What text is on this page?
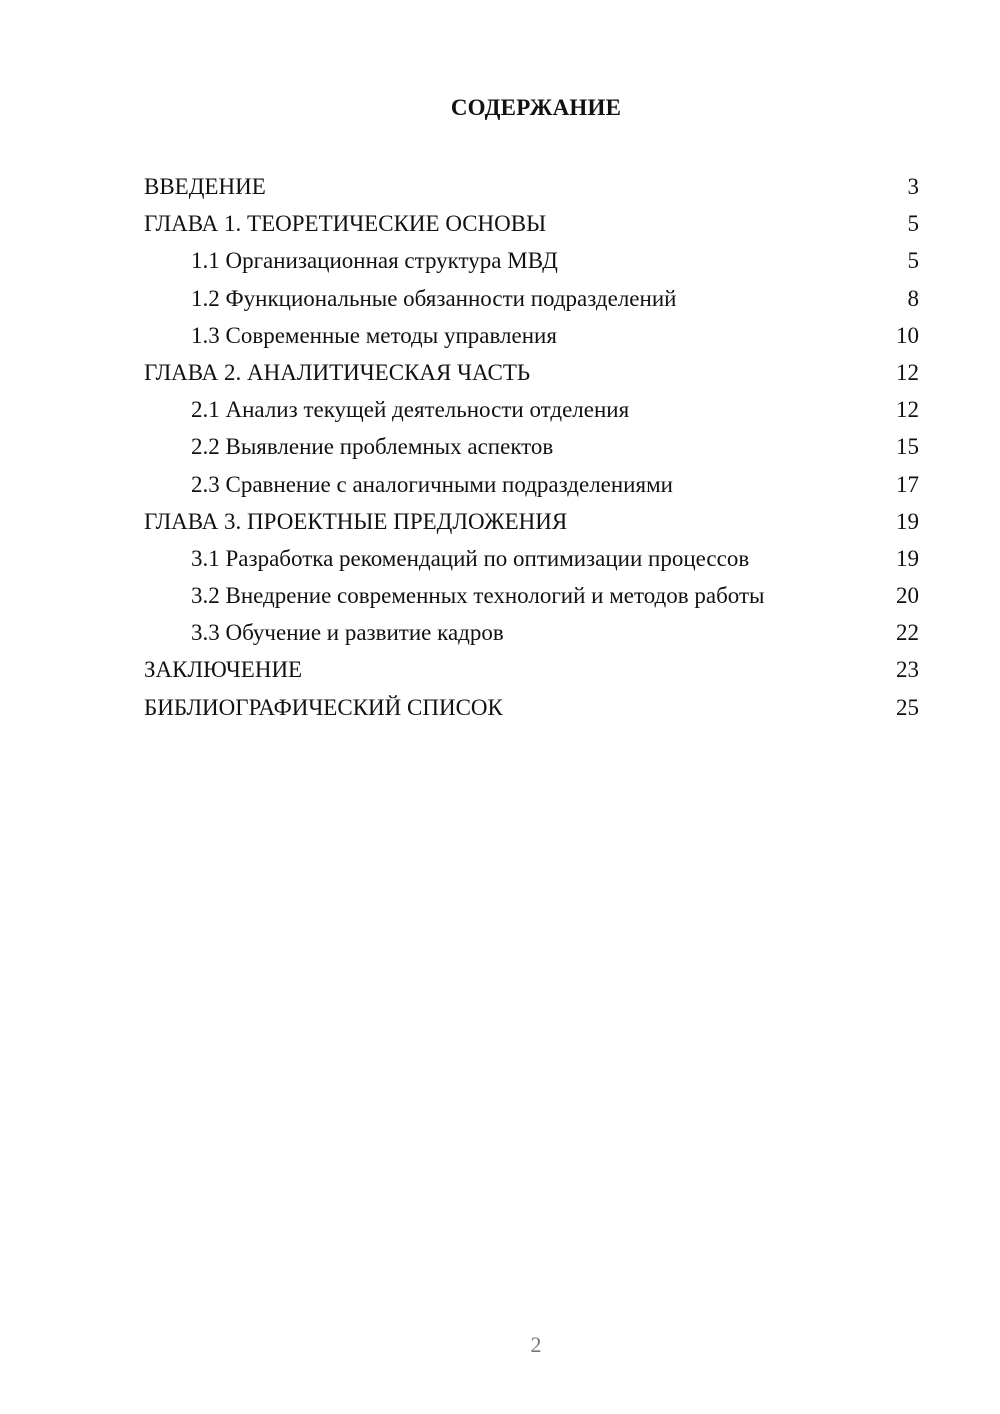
СОДЕРЖАНИЕ
ВВЕДЕНИЕ	3
ГЛАВА 1. ТЕОРЕТИЧЕСКИЕ ОСНОВЫ	5
1.1 Организационная структура МВД	5
1.2 Функциональные обязанности подразделений	8
1.3 Современные методы управления	10
ГЛАВА 2. АНАЛИТИЧЕСКАЯ ЧАСТЬ	12
2.1 Анализ текущей деятельности отделения	12
2.2 Выявление проблемных аспектов	15
2.3 Сравнение с аналогичными подразделениями	17
ГЛАВА 3. ПРОЕКТНЫЕ ПРЕДЛОЖЕНИЯ	19
3.1 Разработка рекомендаций по оптимизации процессов	19
3.2 Внедрение современных технологий и методов работы	20
3.3 Обучение и развитие кадров	22
ЗАКЛЮЧЕНИЕ	23
БИБЛИОГРАФИЧЕСКИЙ СПИСОК	25
2
